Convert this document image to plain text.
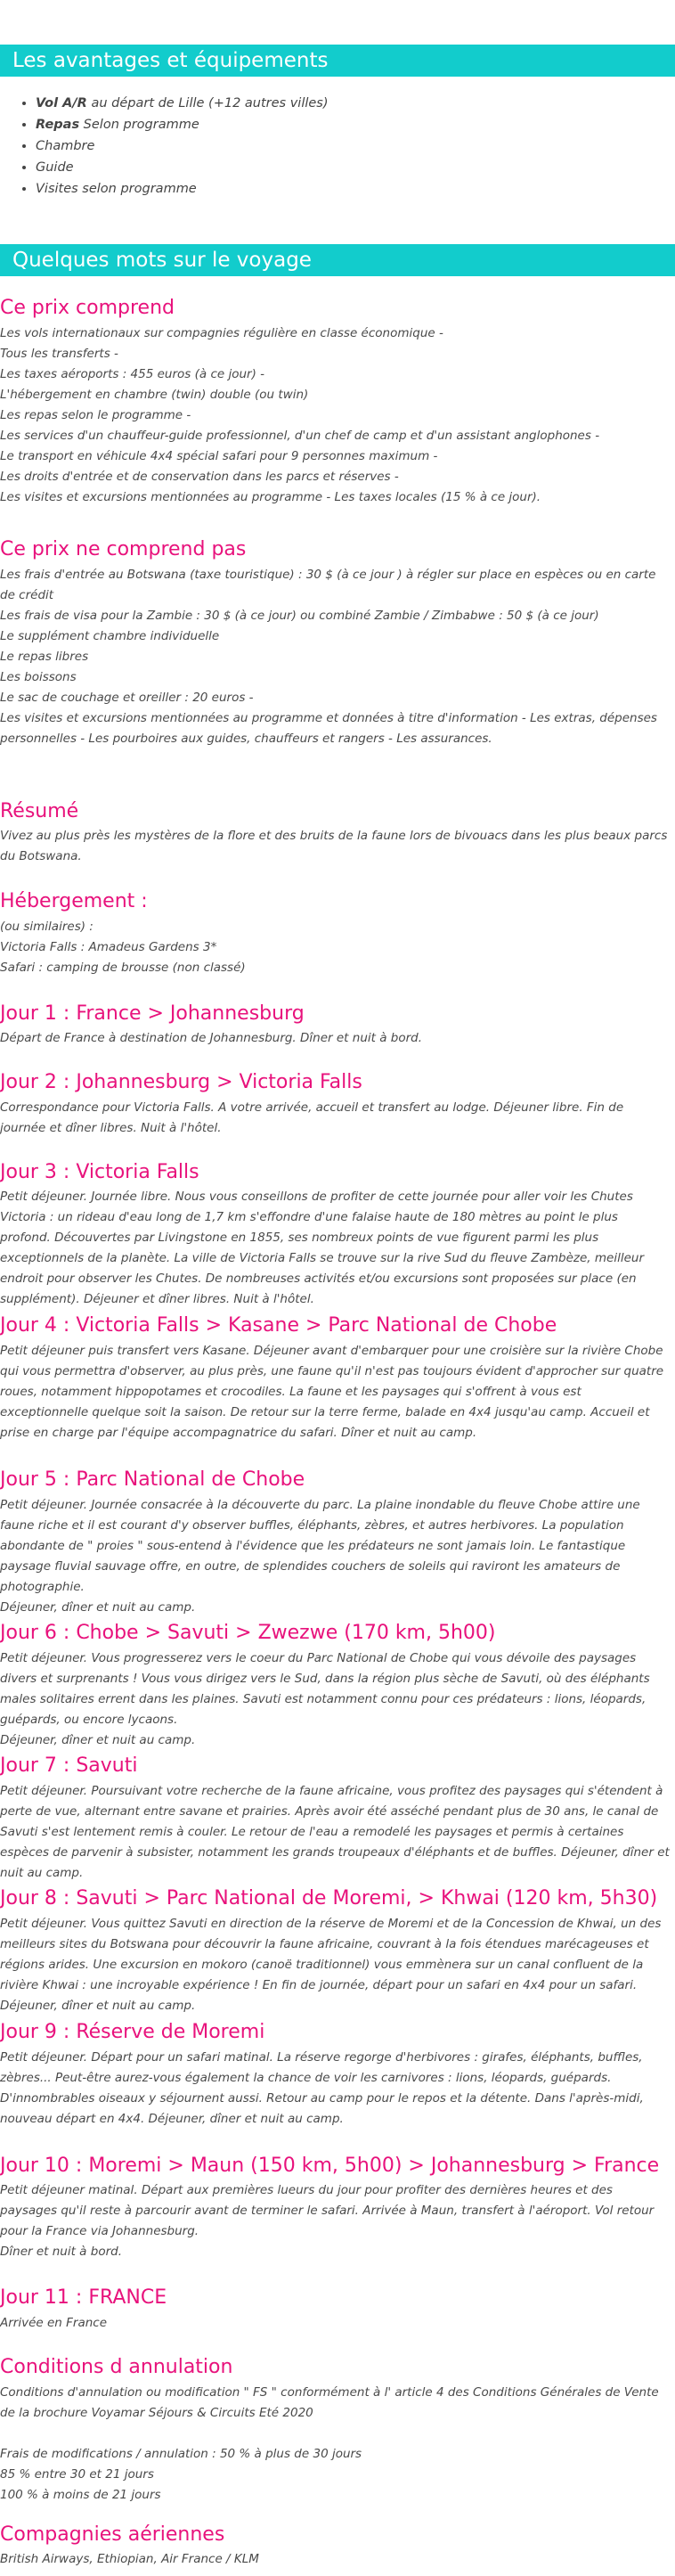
Les avantages et équipements
• Vol A/R au départ de Lille (+12 autres villes)
• Repas Selon programme
• Chambre
• Guide
• Visites selon programme
Quelques mots sur le voyage
Ce prix comprend

Les vols internationaux sur compagnies régulière en classe économique -

Tous les transferts -

Les taxes aéroports : 455 euros (à ce jour) -

L'hébergement en chambre (twin) double (ou twin)

Les repas selon le programme -

Les services d'un chauffeur-guide professionnel, d'un chef de camp et d'un assistant anglophones -

Le transport en véhicule 4x4 spécial safari pour 9 personnes maximum -

Les droits d'entrée et de conservation dans les parcs et réserves -

Les visites et excursions mentionnées au programme - Les taxes locales (15 % à ce jour).

Ce prix ne comprend pas

Les frais d'entrée au Botswana (taxe touristique) : 30 $ (à ce jour ) à régler sur place en espèces ou en carte de crédit

Les frais de visa pour la Zambie : 30 $ (à ce jour) ou combiné Zambie / Zimbabwe : 50 $ (à ce jour)

Le supplément chambre individuelle

Le repas libres

Les boissons

Le sac de couchage et oreiller : 20 euros -

Les visites et excursions mentionnées au programme et données à titre d'information - Les extras, dépenses personnelles - Les pourboires aux guides, chauffeurs et rangers - Les assurances.

Résumé

Vivez au plus près les mystères de la flore et des bruits de la faune lors de bivouacs dans les plus beaux parcs du Botswana.

Hébergement :

(ou similaires) :

Victoria Falls : Amadeus Gardens 3*

Safari : camping de brousse (non classé)

Jour 1 : France > Johannesburg

Départ de France à destination de Johannesburg. Dîner et nuit à bord.

Jour 2 : Johannesburg > Victoria Falls

Correspondance pour Victoria Falls. A votre arrivée, accueil et transfert au lodge. Déjeuner libre. Fin de journée et dîner libres. Nuit à l'hôtel.

Jour 3 : Victoria Falls

Petit déjeuner. Journée libre. Nous vous conseillons de profiter de cette journée pour aller voir les Chutes Victoria : un rideau d'eau long de 1,7 km s'effondre d'une falaise haute de 180 mètres au point le plus profond. Découvertes par Livingstone en 1855, ses nombreux points de vue figurent parmi les plus exceptionnels de la planète. La ville de Victoria Falls se trouve sur la rive Sud du fleuve Zambèze, meilleur endroit pour observer les Chutes. De nombreuses activités et/ou excursions sont proposées sur place (en supplément). Déjeuner et dîner libres. Nuit à l'hôtel.

Jour 4 : Victoria Falls > Kasane > Parc National de Chobe

Petit déjeuner puis transfert vers Kasane. Déjeuner avant d'embarquer pour une croisière sur la rivière Chobe qui vous permettra d'observer, au plus près, une faune qu'il n'est pas toujours évident d'approcher sur quatre roues, notamment hippopotames et crocodiles. La faune et les paysages qui s'offrent à vous est exceptionnelle quelque soit la saison. De retour sur la terre ferme, balade en 4x4 jusqu'au camp. Accueil et prise en charge par l'équipe accompagnatrice du safari. Dîner et nuit au camp.

Jour 5 : Parc National de Chobe

Petit déjeuner. Journée consacrée à la découverte du parc. La plaine inondable du fleuve Chobe attire une faune riche et il est courant d'y observer buffles, éléphants, zèbres, et autres herbivores. La population abondante de " proies " sous-entend à l'évidence que les prédateurs ne sont jamais loin. Le fantastique paysage fluvial sauvage offre, en outre, de splendides couchers de soleils qui raviront les amateurs de photographie.

Déjeuner, dîner et nuit au camp.

Jour 6 : Chobe > Savuti > Zwezwe (170 km, 5h00)

Petit déjeuner. Vous progresserez vers le coeur du Parc National de Chobe qui vous dévoile des paysages divers et surprenants ! Vous vous dirigez vers le Sud, dans la région plus sèche de Savuti, où des éléphants males solitaires errent dans les plaines. Savuti est notamment connu pour ces prédateurs : lions, léopards, guépards, ou encore lycaons.

Déjeuner, dîner et nuit au camp.

Jour 7 : Savuti

Petit déjeuner. Poursuivant votre recherche de la faune africaine, vous profitez des paysages qui s'étendent à perte de vue, alternant entre savane et prairies. Après avoir été asséché pendant plus de 30 ans, le canal de Savuti s'est lentement remis à couler. Le retour de l'eau a remodelé les paysages et permis à certaines espèces de parvenir à subsister, notamment les grands troupeaux d'éléphants et de buffles. Déjeuner, dîner et nuit au camp.

Jour 8 : Savuti > Parc National de Moremi, > Khwai (120 km, 5h30)

Petit déjeuner. Vous quittez Savuti en direction de la réserve de Moremi et de la Concession de Khwai, un des meilleurs sites du Botswana pour découvrir la faune africaine, couvrant à la fois étendues marécageuses et régions arides. Une excursion en mokoro (canoë traditionnel) vous emmènera sur un canal confluent de la rivière Khwai : une incroyable expérience ! En fin de journée, départ pour un safari en 4x4 pour un safari. Déjeuner, dîner et nuit au camp.

Jour 9 : Réserve de Moremi

Petit déjeuner. Départ pour un safari matinal. La réserve regorge d'herbivores : girafes, éléphants, buffles, zèbres... Peut-être aurez-vous également la chance de voir les carnivores : lions, léopards, guépards. D'innombrables oiseaux y séjournent aussi. Retour au camp pour le repos et la détente. Dans l'après-midi, nouveau départ en 4x4. Déjeuner, dîner et nuit au camp.

Jour 10 : Moremi > Maun (150 km, 5h00) > Johannesburg > France

Petit déjeuner matinal. Départ aux premières lueurs du jour pour profiter des dernières heures et des paysages qu'il reste à parcourir avant de terminer le safari. Arrivée à Maun, transfert à l'aéroport. Vol retour pour la France via Johannesburg.

Dîner et nuit à bord.

Jour 11 : FRANCE

Arrivée en France

Conditions d annulation

Conditions d'annulation ou modification " FS " conformément à l' article 4 des Conditions Générales de Vente de la brochure Voyamar Séjours & Circuits Eté 2020

Frais de modifications / annulation : 50 % à plus de 30 jours

85 % entre 30 et 21 jours

100 % à moins de 21 jours

Compagnies aériennes

British Airways, Ethiopian, Air France / KLM
